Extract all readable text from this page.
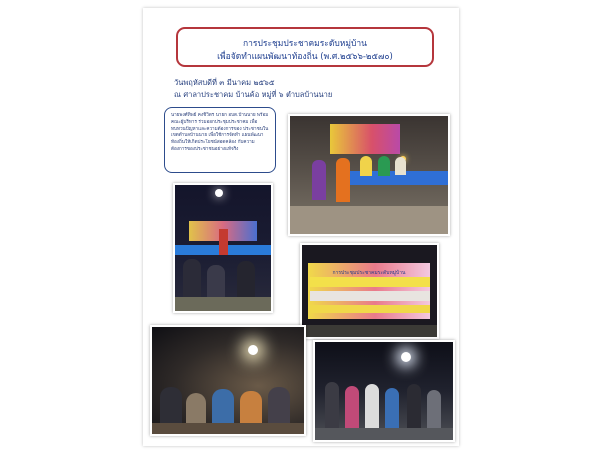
การประชุมประชาคมระดับหมู่บ้าน
เพื่อจัดทำแผนพัฒนาท้องถิ่น (พ.ศ.๒๕๖๖-๒๕๗๐)
วันพฤหัสบดีที่ ๓ มีนาคม ๒๕๖๕
ณ ศาลาประชาคม บ้านค้อ หมู่ที่ ๖ ตำบลบ้านนาย
นายพงศ์ทิพย์ คงชิวิตร นายก อบต.บ้านนาย พร้อมคณะผู้บริหาร ร่วมออกประชุมประชาคม เพื่อทบทวนปัญหาและความต้องการของ ประชาชนในเขตตำบลบ้านนาย เพื่อใช้การจัดทำ แผนพัฒนาท้องถิ่นให้เกิดประโยชน์สอดคล้อง กับความต้องการของประชาชนอย่างแท้จริง
การประชุมประชาคมระดับหมู่บ้าน
